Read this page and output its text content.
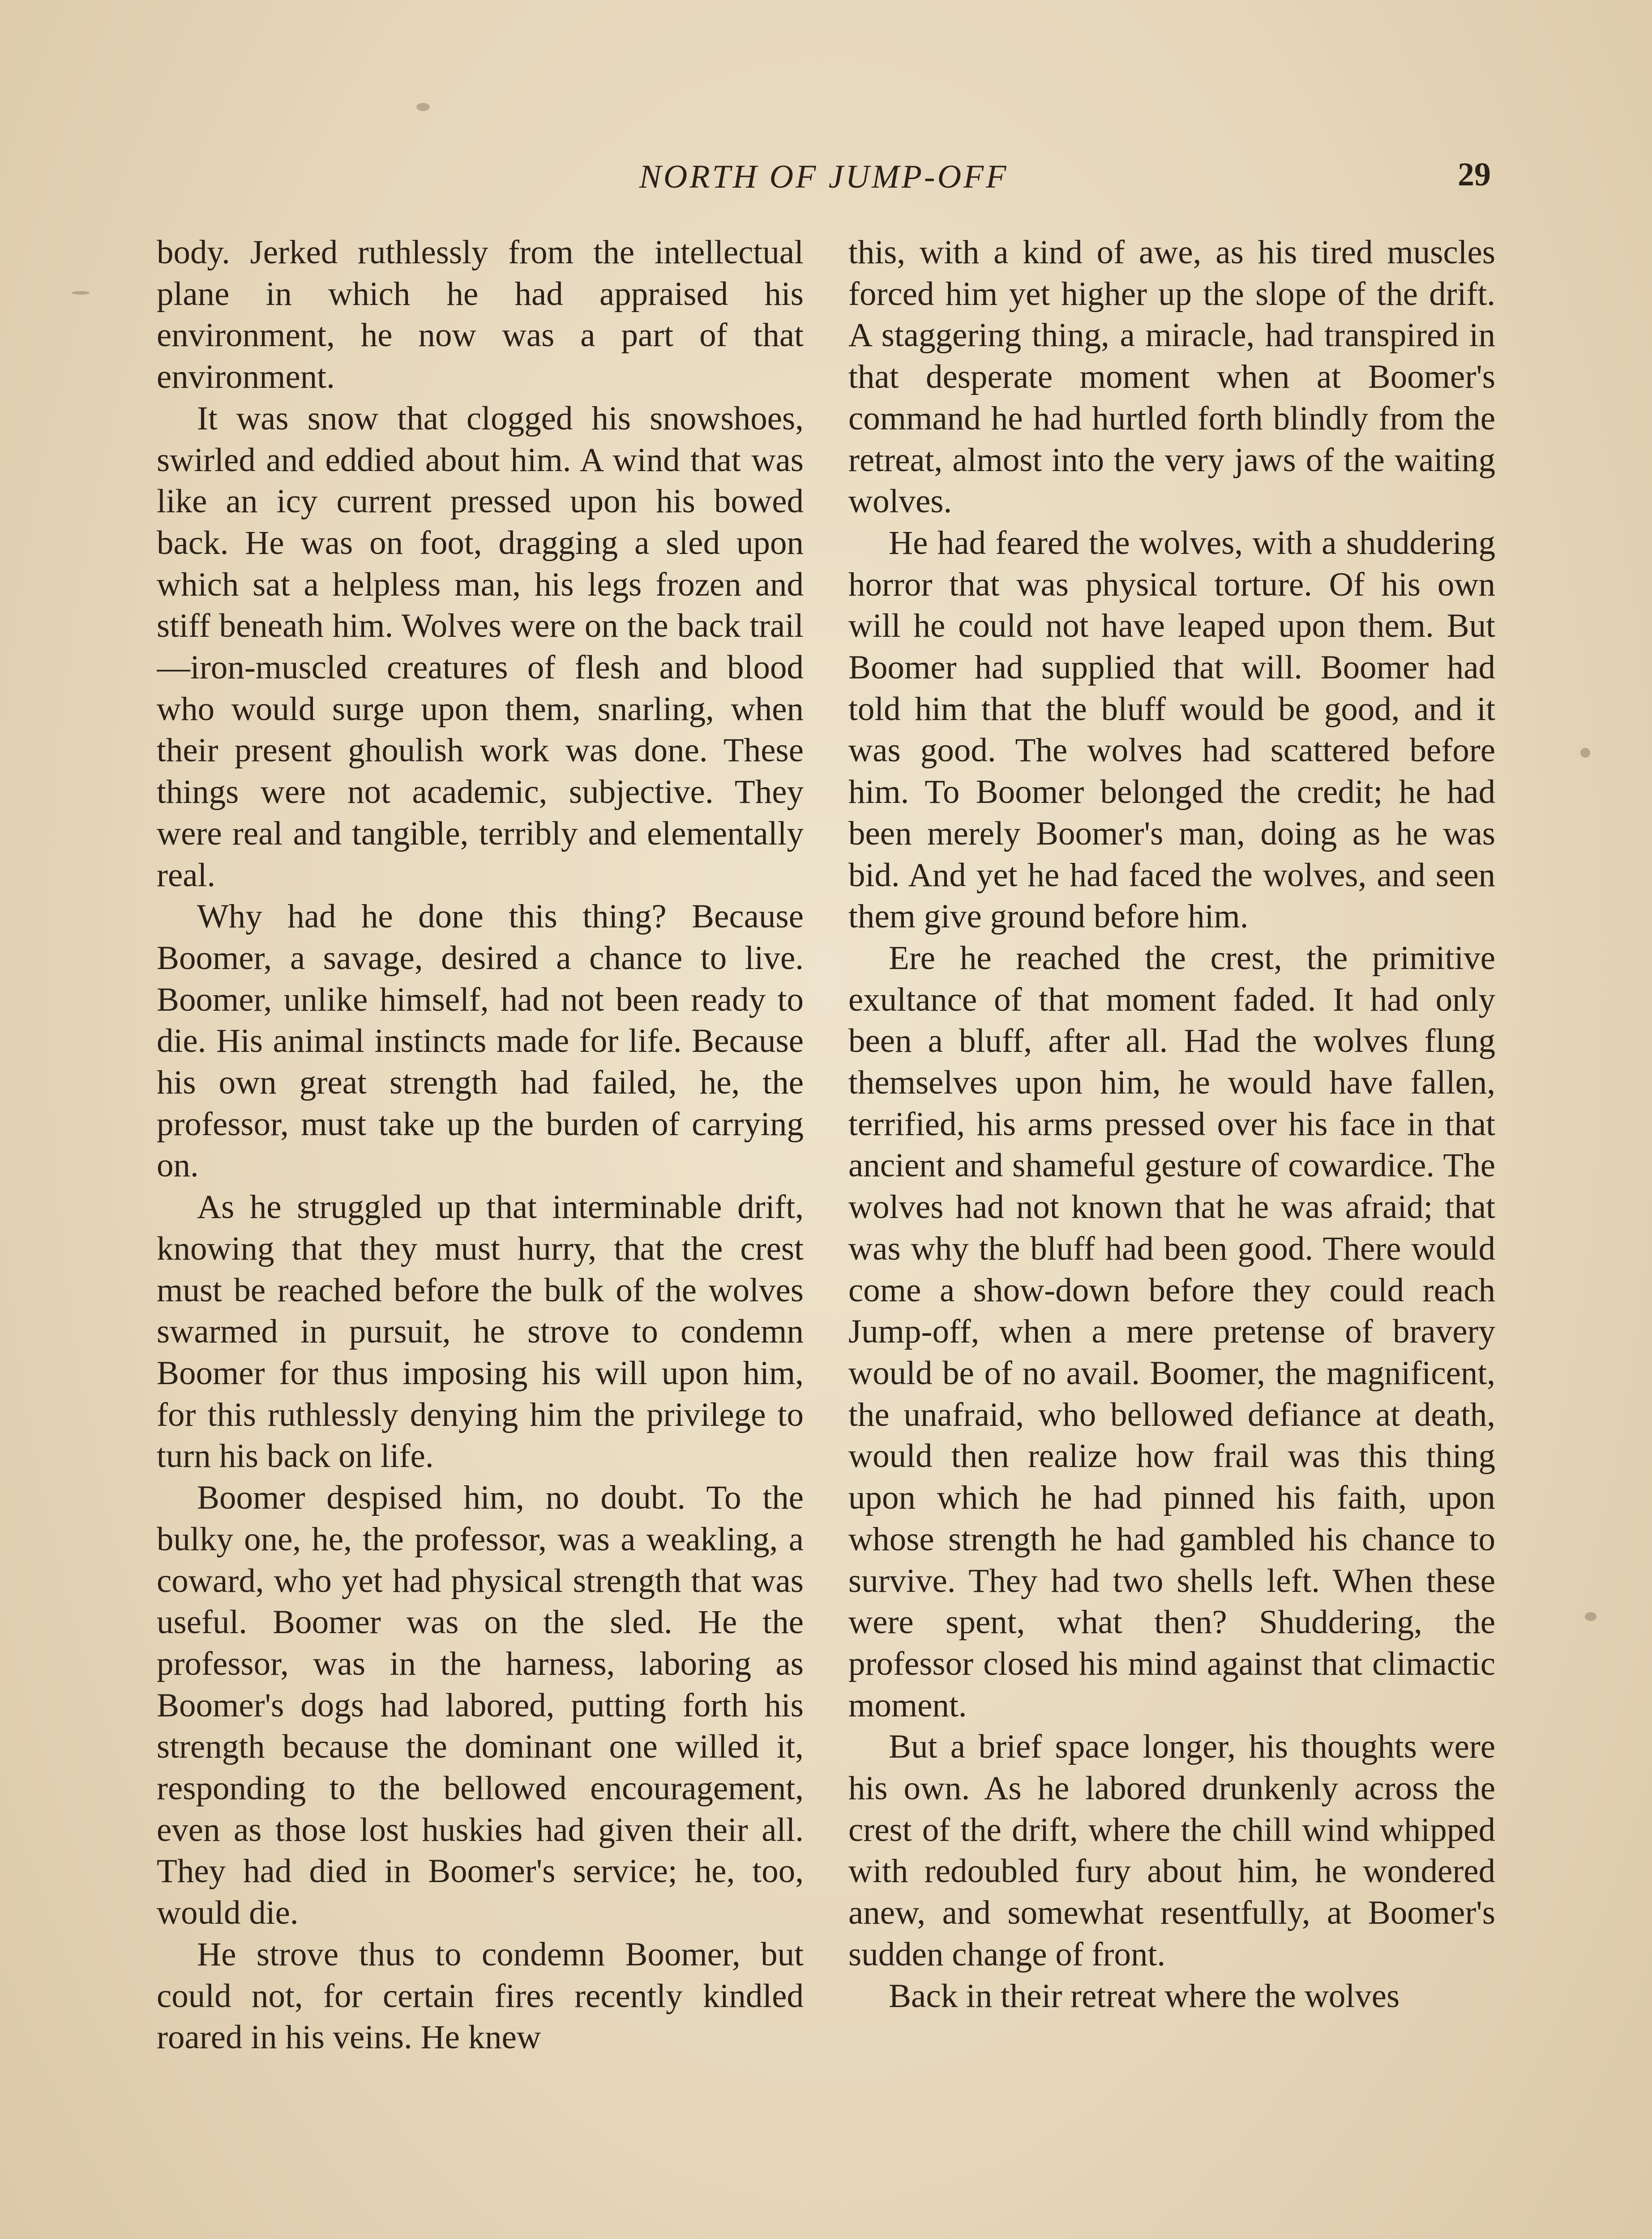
NORTH OF JUMP-OFF	29

body. Jerked ruthlessly from the intellectual plane in which he had appraised his environment, he now was a part of that environment.

It was snow that clogged his snowshoes, swirled and eddied about him. A wind that was like an icy current pressed upon his bowed back. He was on foot, dragging a sled upon which sat a helpless man, his legs frozen and stiff beneath him. Wolves were on the back trail—iron-muscled creatures of flesh and blood who would surge upon them, snarling, when their present ghoulish work was done. These things were not academic, subjective. They were real and tangible, terribly and elementally real.

Why had he done this thing? Because Boomer, a savage, desired a chance to live. Boomer, unlike himself, had not been ready to die. His animal instincts made for life. Because his own great strength had failed, he, the professor, must take up the burden of carrying on.

As he struggled up that interminable drift, knowing that they must hurry, that the crest must be reached before the bulk of the wolves swarmed in pursuit, he strove to condemn Boomer for thus imposing his will upon him, for this ruthlessly denying him the privilege to turn his back on life.

Boomer despised him, no doubt. To the bulky one, he, the professor, was a weakling, a coward, who yet had physical strength that was useful. Boomer was on the sled. He the professor, was in the harness, laboring as Boomer's dogs had labored, putting forth his strength because the dominant one willed it, responding to the bellowed encouragement, even as those lost huskies had given their all. They had died in Boomer's service; he, too, would die.

He strove thus to condemn Boomer, but could not, for certain fires recently kindled roared in his veins. He knew

this, with a kind of awe, as his tired muscles forced him yet higher up the slope of the drift. A staggering thing, a miracle, had transpired in that desperate moment when at Boomer's command he had hurtled forth blindly from the retreat, almost into the very jaws of the waiting wolves.

He had feared the wolves, with a shuddering horror that was physical torture. Of his own will he could not have leaped upon them. But Boomer had supplied that will. Boomer had told him that the bluff would be good, and it was good. The wolves had scattered before him. To Boomer belonged the credit; he had been merely Boomer's man, doing as he was bid. And yet he had faced the wolves, and seen them give ground before him.

Ere he reached the crest, the primitive exultance of that moment faded. It had only been a bluff, after all. Had the wolves flung themselves upon him, he would have fallen, terrified, his arms pressed over his face in that ancient and shameful gesture of cowardice. The wolves had not known that he was afraid; that was why the bluff had been good. There would come a show-down before they could reach Jump-off, when a mere pretense of bravery would be of no avail. Boomer, the magnificent, the unafraid, who bellowed defiance at death, would then realize how frail was this thing upon which he had pinned his faith, upon whose strength he had gambled his chance to survive. They had two shells left. When these were spent, what then? Shuddering, the professor closed his mind against that climactic moment.

But a brief space longer, his thoughts were his own. As he labored drunkenly across the crest of the drift, where the chill wind whipped with redoubled fury about him, he wondered anew, and somewhat resentfully, at Boomer's sudden change of front.

Back in their retreat where the wolves
